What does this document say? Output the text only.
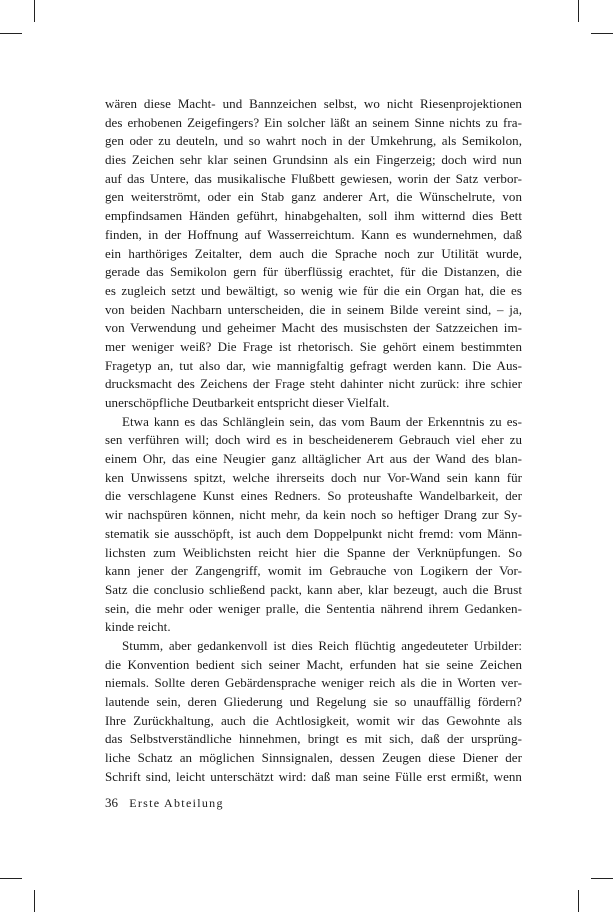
wären diese Macht- und Bannzeichen selbst, wo nicht Riesenprojektionen
des erhobenen Zeigefingers? Ein solcher läßt an seinem Sinne nichts zu fra-
gen oder zu deuteln, und so wahrt noch in der Umkehrung, als Semikolon,
dies Zeichen sehr klar seinen Grundsinn als ein Fingerzeig; doch wird nun
auf das Untere, das musikalische Flußbett gewiesen, worin der Satz verbor-
gen weiterströmt, oder ein Stab ganz anderer Art, die Wünschelrute, von
empfindsamen Händen geführt, hinabgehalten, soll ihm witternd dies Bett
finden, in der Hoffnung auf Wasserreichtum. Kann es wundernehmen, daß
ein harthöriges Zeitalter, dem auch die Sprache noch zur Utilität wurde,
gerade das Semikolon gern für überflüssig erachtet, für die Distanzen, die
es zugleich setzt und bewältigt, so wenig wie für die ein Organ hat, die es
von beiden Nachbarn unterscheiden, die in seinem Bilde vereint sind, – ja,
von Verwendung und geheimer Macht des musischsten der Satzzeichen im-
mer weniger weiß? Die Frage ist rhetorisch. Sie gehört einem bestimmten
Fragetyp an, tut also dar, wie mannigfaltig gefragt werden kann. Die Aus-
drucksmacht des Zeichens der Frage steht dahinter nicht zurück: ihre schier
unerschöpfliche Deutbarkeit entspricht dieser Vielfalt.

Etwa kann es das Schlänglein sein, das vom Baum der Erkenntnis zu es-
sen verführen will; doch wird es in bescheidenerem Gebrauch viel eher zu
einem Ohr, das eine Neugier ganz alltäglicher Art aus der Wand des blan-
ken Unwissens spitzt, welche ihrerseits doch nur Vor-Wand sein kann für
die verschlagene Kunst eines Redners. So proteushafte Wandelbarkeit, der
wir nachspüren können, nicht mehr, da kein noch so heftiger Drang zur Sy-
stematik sie ausschöpft, ist auch dem Doppelpunkt nicht fremd: vom Männ-
lichsten zum Weiblichsten reicht hier die Spanne der Verknüpfungen. So
kann jener der Zangengriff, womit im Gebrauche von Logikern der Vor-
Satz die conclusio schließend packt, kann aber, klar bezeugt, auch die Brust
sein, die mehr oder weniger pralle, die Sententia nährend ihrem Gedanken-
kinde reicht.

Stumm, aber gedankenvoll ist dies Reich flüchtig angedeuteter Urbilder:
die Konvention bedient sich seiner Macht, erfunden hat sie seine Zeichen
niemals. Sollte deren Gebärdensprache weniger reich als die in Worten ver-
lautende sein, deren Gliederung und Regelung sie so unauffällig fördern?
Ihre Zurückhaltung, auch die Achtlosigkeit, womit wir das Gewohnte als
das Selbstverständliche hinnehmen, bringt es mit sich, daß der ursprüng-
liche Schatz an möglichen Sinnsignalen, dessen Zeugen diese Diener der
Schrift sind, leicht unterschätzt wird: daß man seine Fülle erst ermißt, wenn

36 Erste Abteilung
